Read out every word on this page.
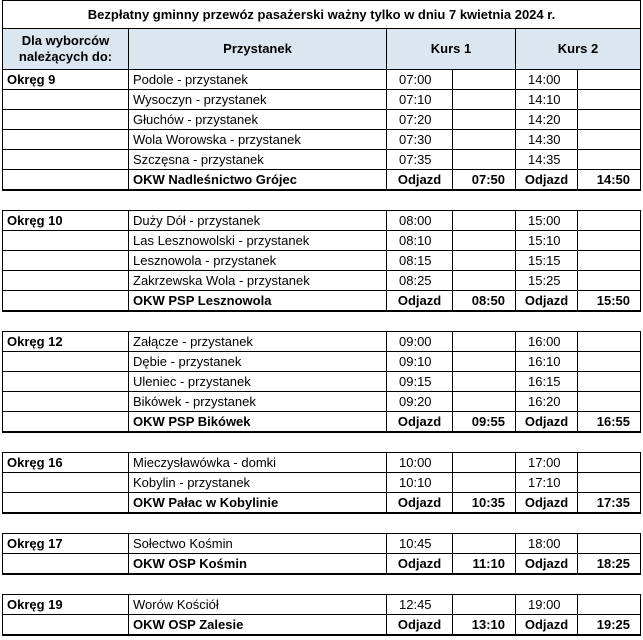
Bezpłatny gminny przewóz pasażerski ważny tylko w dniu 7 kwietnia 2024 r.					
Dla wyborców należących do:	Przystanek	Kurs 1		Kurs 2	
Okręg 9	Podole - przystanek	07:00		14:00	
	Wysoczyn - przystanek	07:10		14:10	
	Głuchów - przystanek	07:20		14:20	
	Wola Worowska - przystanek	07:30		14:30	
	Szczęsna - przystanek	07:35		14:35	
	OKW Nadleśnictwo Grójec	Odjazd	07:50	Odjazd	14:50

Okręg 10	Duży Dół - przystanek	08:00		15:00	
	Las Lesznowolski - przystanek	08:10		15:10	
	Lesznowola - przystanek	08:15		15:15	
	Zakrzewska Wola - przystanek	08:25		15:25	
	OKW PSP Lesznowola	Odjazd	08:50	Odjazd	15:50

Okręg 12	Załącze - przystanek	09:00		16:00	
	Dębie - przystanek	09:10		16:10	
	Uleniec - przystanek	09:15		16:15	
	Bikówek - przystanek	09:20		16:20	
	OKW PSP Bikówek	Odjazd	09:55	Odjazd	16:55

Okręg 16	Mieczysławówka - domki	10:00		17:00	
	Kobylin - przystanek	10:10		17:10	
	OKW Pałac w Kobylinie	Odjazd	10:35	Odjazd	17:35

Okręg 17	Sołectwo Kośmin	10:45		18:00	
	OKW OSP Kośmin	Odjazd	11:10	Odjazd	18:25

Okręg 19	Worów Kościół	12:45		19:00	
	OKW OSP Zalesie	Odjazd	13:10	Odjazd	19:25
